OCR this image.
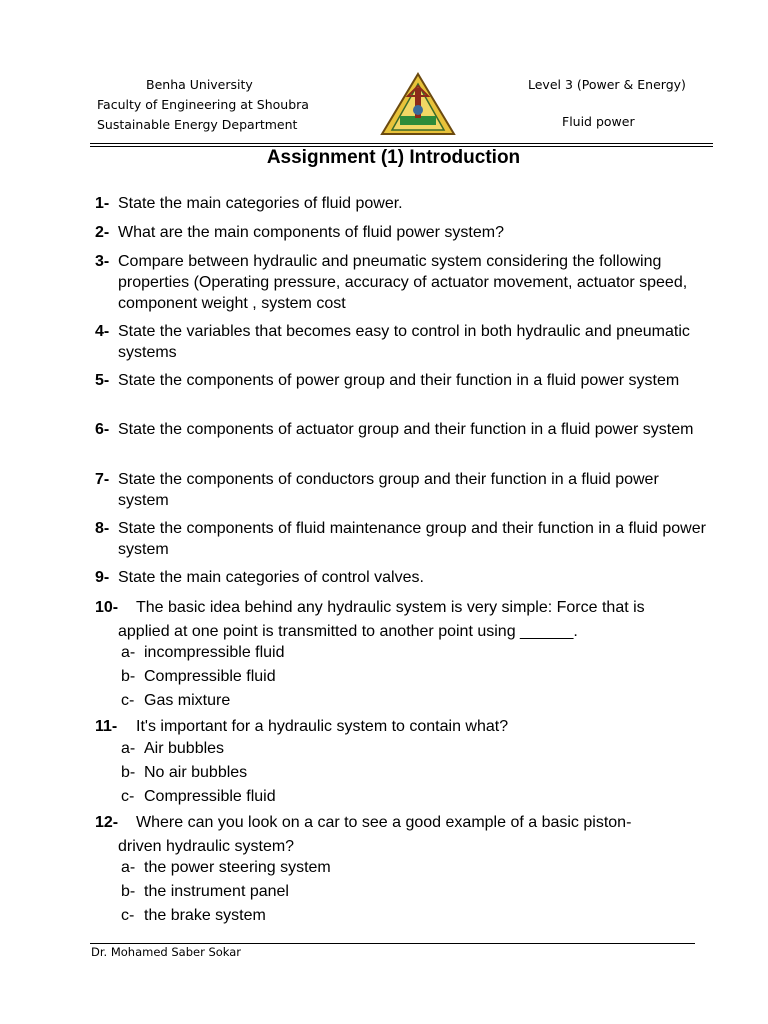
Benha University
Faculty of Engineering at Shoubra
Sustainable Energy Department
Level 3 (Power & Energy)
Fluid power
Assignment (1) Introduction
1- State the main categories of fluid power.
2- What are the main components of fluid power system?
3- Compare between hydraulic and pneumatic system considering the following properties (Operating pressure, accuracy of actuator movement, actuator speed, component weight , system cost
4- State the variables that becomes easy to control in both hydraulic and pneumatic systems
5- State the components of power group and their function in a fluid power system
6- State the components of actuator group and their function in a fluid power system
7- State the components of conductors group and their function in a fluid power system
8- State the components of fluid maintenance group and their function in a fluid power system
9- State the main categories of control valves.
10-	The basic idea behind any hydraulic system is very simple: Force that is
applied at one point is transmitted to another point using ______.
a- incompressible fluid
b- Compressible fluid
c- Gas mixture
11-	It's important for a hydraulic system to contain what?
a- Air bubbles
b- No air bubbles
c- Compressible fluid
12-	Where can you look on a car to see a good example of a basic piston-
driven hydraulic system?
a- the power steering system
b- the instrument panel
c- the brake system
Dr. Mohamed Saber Sokar
